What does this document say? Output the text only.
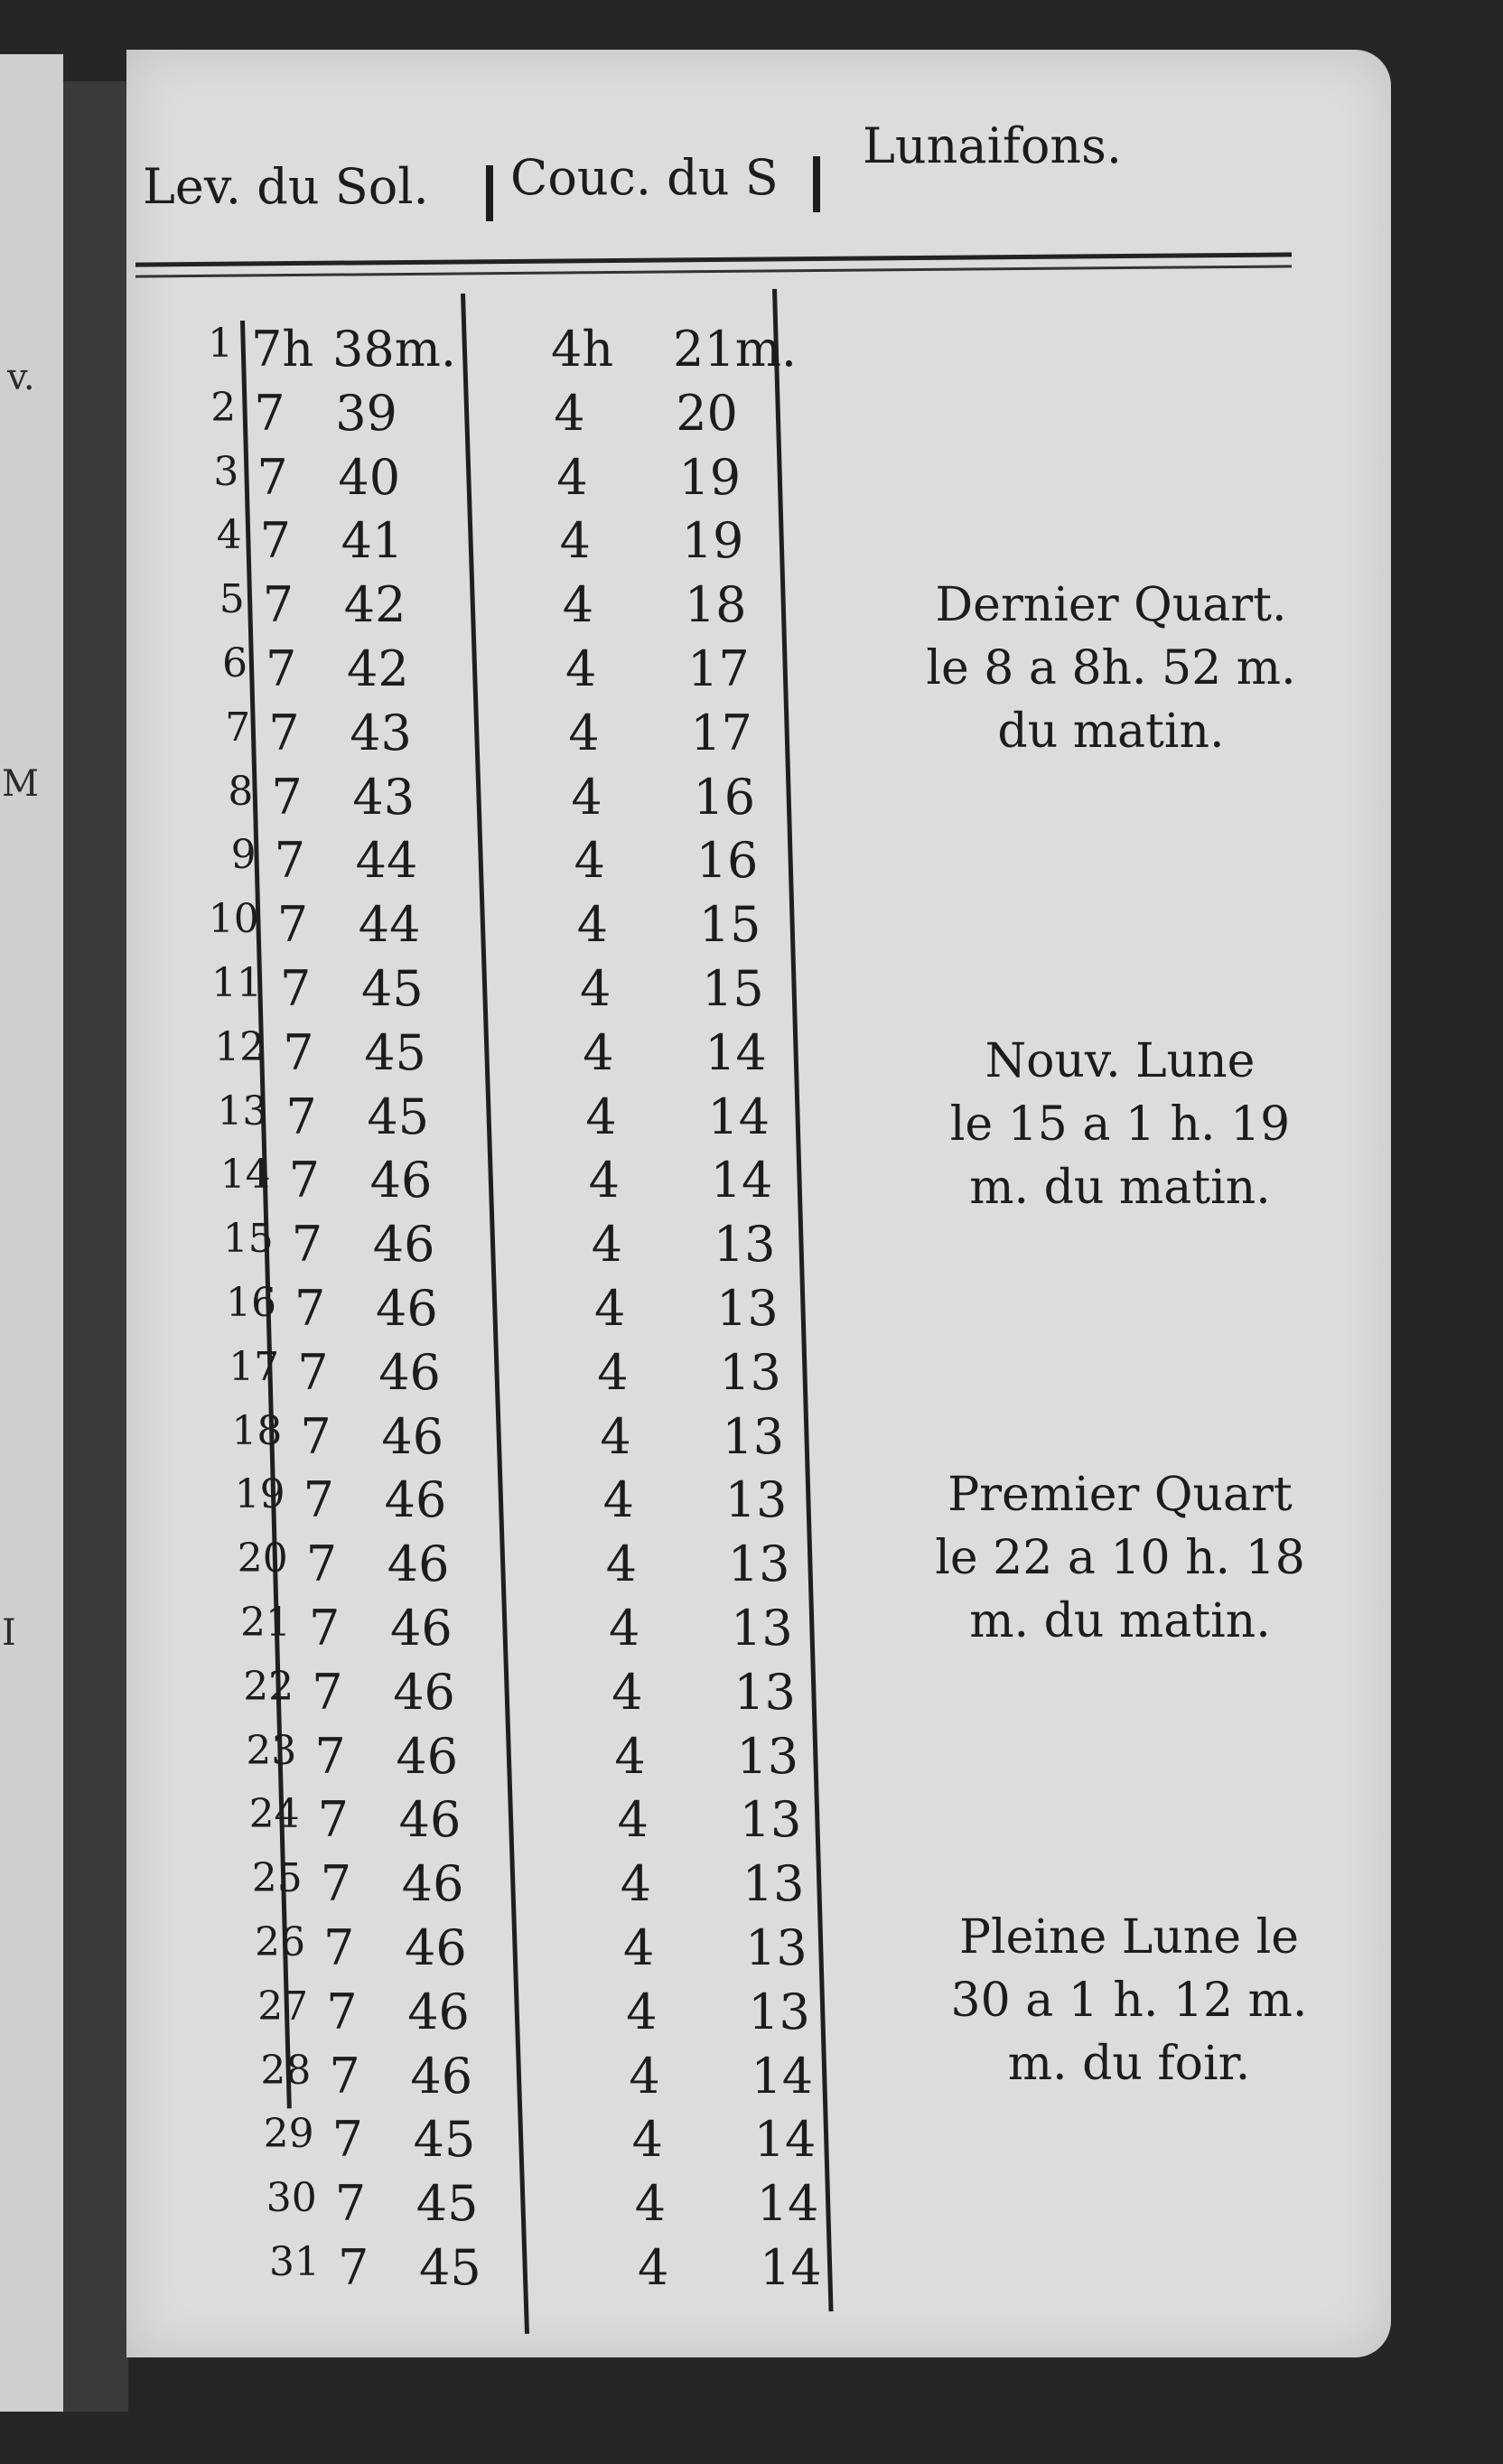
v.
M
I
Lev. du Sol. Couc. du S
Lunaifons.
1 7h 38m. 4h 21m.
2 7 39	4 20
3 7 40	4 19
4 7 41	4 19
5 7 42	4 18
6 7 42	4 17
7 7 43	4 17
8 7 43	4 16
9 7 44	4 16
10 7 44	4 15
11 7 45	4 15
12 7 45	4 14
13 7 45	4 14
14 7 46	4 14
15 7 46	4 13
16 7 46	4 13
17 7 46	4 13
18 7 46	4 13
19 7 46	4 13
20 7 46	4 13
21 7 46	4 13
22 7 46	4 13
23 7 46	4 13
24 7 46	4 13
25 7 46	4 13
26 7 46	4 13
27 7 46	4 13
28 7 46	4 14
29 7 45	4 14
30 7 45	4 14
31 7 45	4 14
Dernier Quart.
le 8 a 8h. 52 m.
du matin.
Nouv. Lune
le 15 a 1 h. 19
m. du matin.
Premier Quart
le 22 a 10 h. 18
m. du matin.
Pleine Lune le
30 a 1 h. 12 m.
m. du foir.
